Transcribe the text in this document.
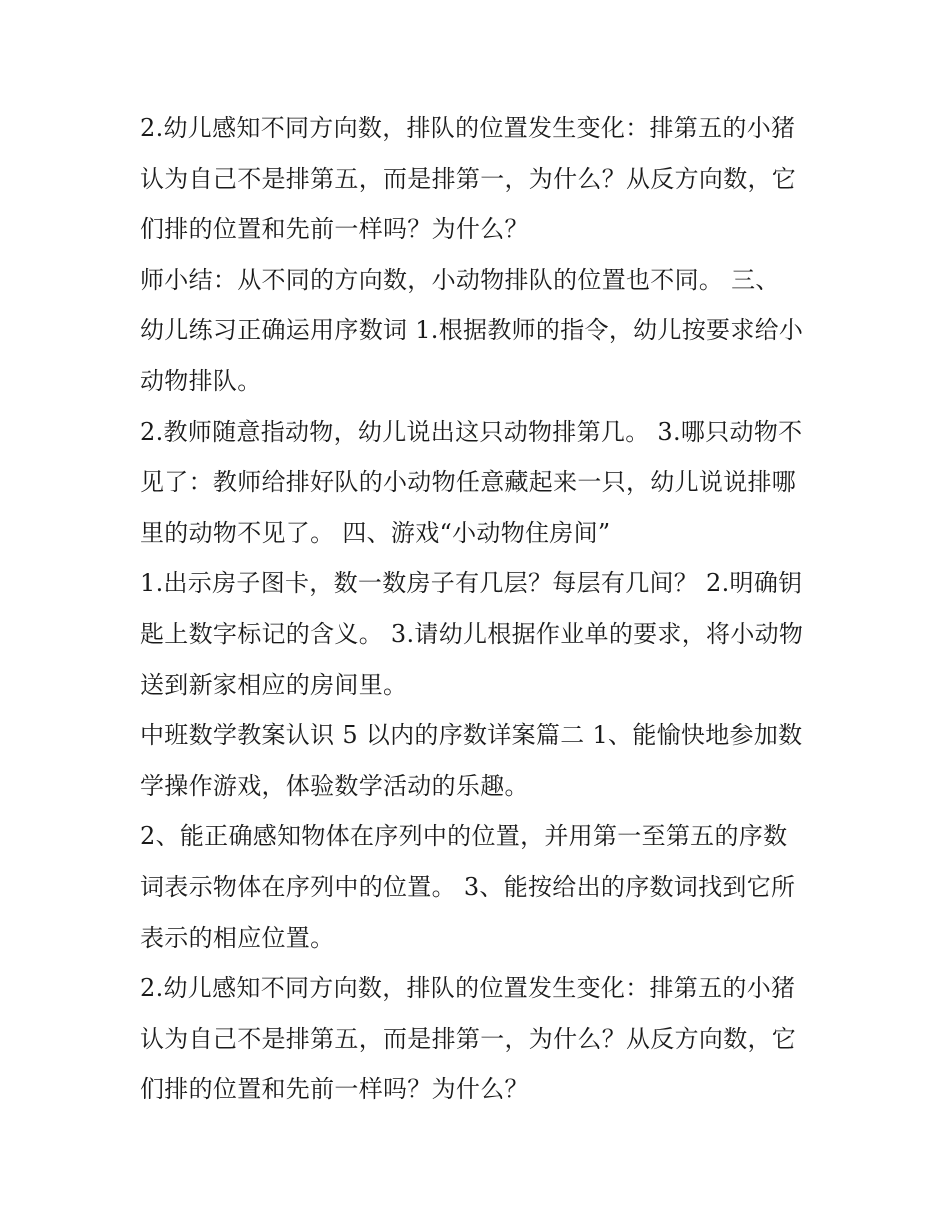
2.幼儿感知不同方向数，排队的位置发生变化：排第五的小猪
认为自己不是排第五，而是排第一，为什么？从反方向数，它
们排的位置和先前一样吗？为什么？
师小结：从不同的方向数，小动物排队的位置也不同。 三、
幼儿练习正确运用序数词 1.根据教师的指令，幼儿按要求给小
动物排队。
2.教师随意指动物，幼儿说出这只动物排第几。 3.哪只动物不
见了：教师给排好队的小动物任意藏起来一只，幼儿说说排哪
里的动物不见了。 四、游戏“小动物住房间”
1.出示房子图卡，数一数房子有几层？每层有几间？ 2.明确钥
匙上数字标记的含义。 3.请幼儿根据作业单的要求，将小动物
送到新家相应的房间里。
中班数学教案认识 5 以内的序数详案篇二 1、能愉快地参加数
学操作游戏，体验数学活动的乐趣。
2、能正确感知物体在序列中的位置，并用第一至第五的序数
词表示物体在序列中的位置。 3、能按给出的序数词找到它所
表示的相应位置。
2.幼儿感知不同方向数，排队的位置发生变化：排第五的小猪
认为自己不是排第五，而是排第一，为什么？从反方向数，它
们排的位置和先前一样吗？为什么？
